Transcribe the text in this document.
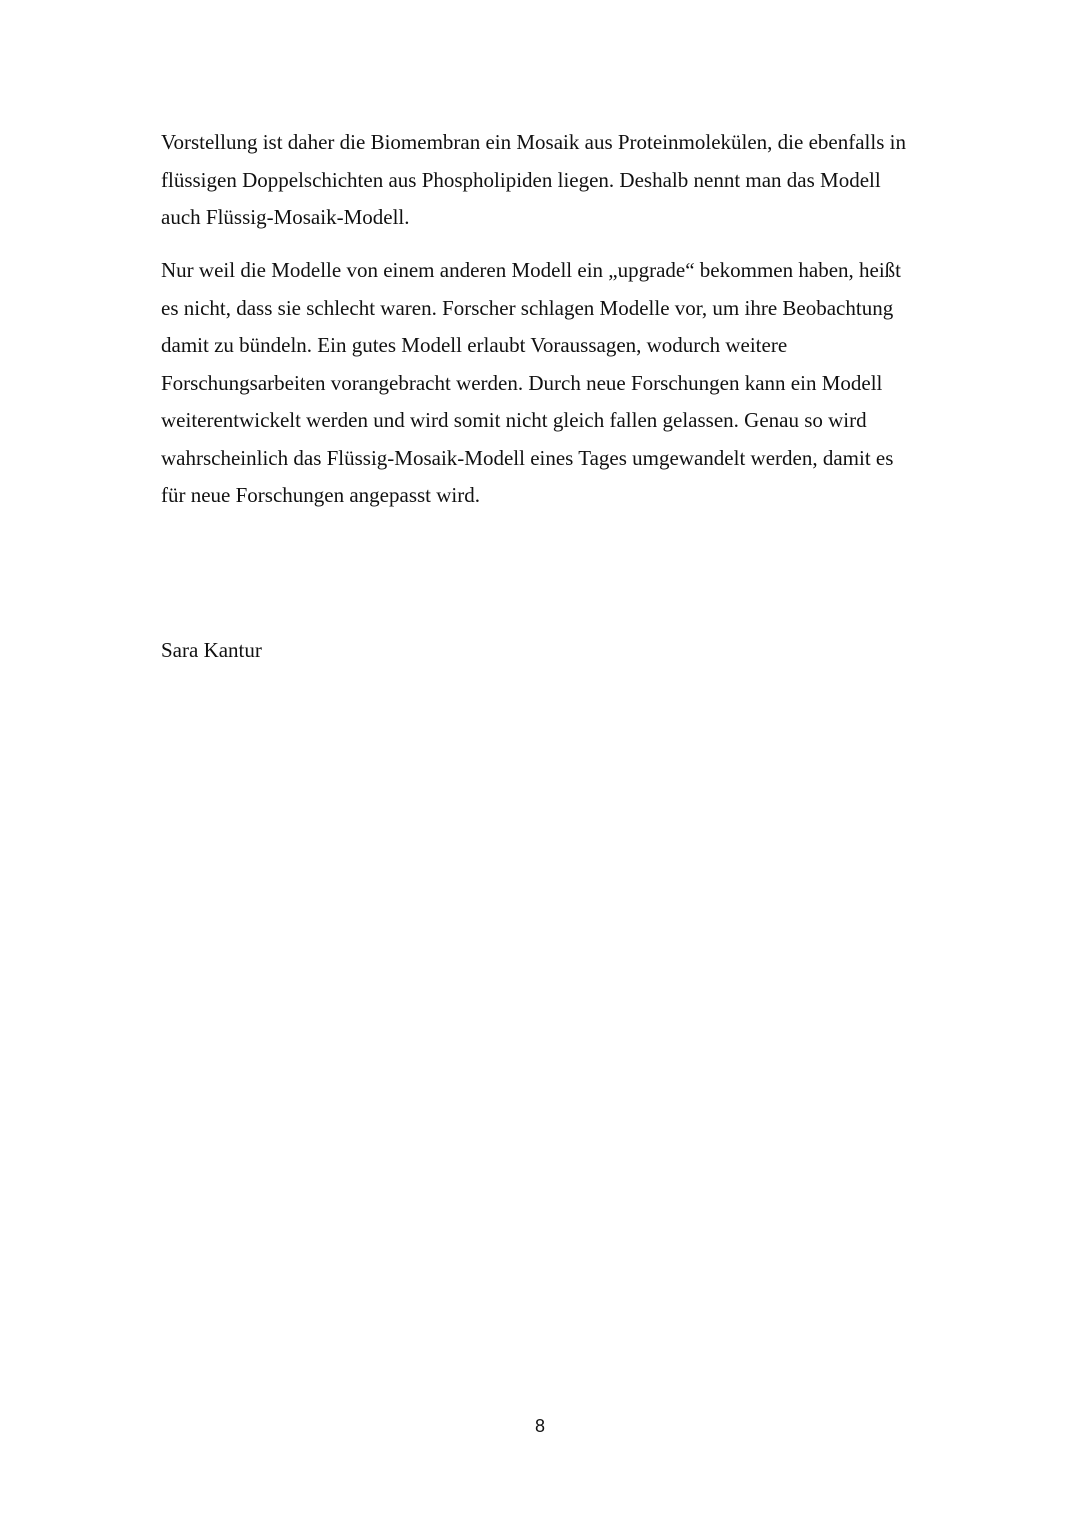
Vorstellung ist daher die Biomembran ein Mosaik aus Proteinmolekülen, die ebenfalls in
flüssigen Doppelschichten aus Phospholipiden liegen. Deshalb nennt man das Modell
auch Flüssig-Mosaik-Modell.
Nur weil die Modelle von einem anderen Modell ein „upgrade“ bekommen haben, heißt
es nicht, dass sie schlecht waren. Forscher schlagen Modelle vor, um ihre Beobachtung
damit zu bündeln. Ein gutes Modell erlaubt Voraussagen, wodurch weitere
Forschungsarbeiten vorangebracht werden. Durch neue Forschungen kann ein Modell
weiterentwickelt werden und wird somit nicht gleich fallen gelassen. Genau so wird
wahrscheinlich das Flüssig-Mosaik-Modell eines Tages umgewandelt werden, damit es
für neue Forschungen angepasst wird.
Sara Kantur
8
